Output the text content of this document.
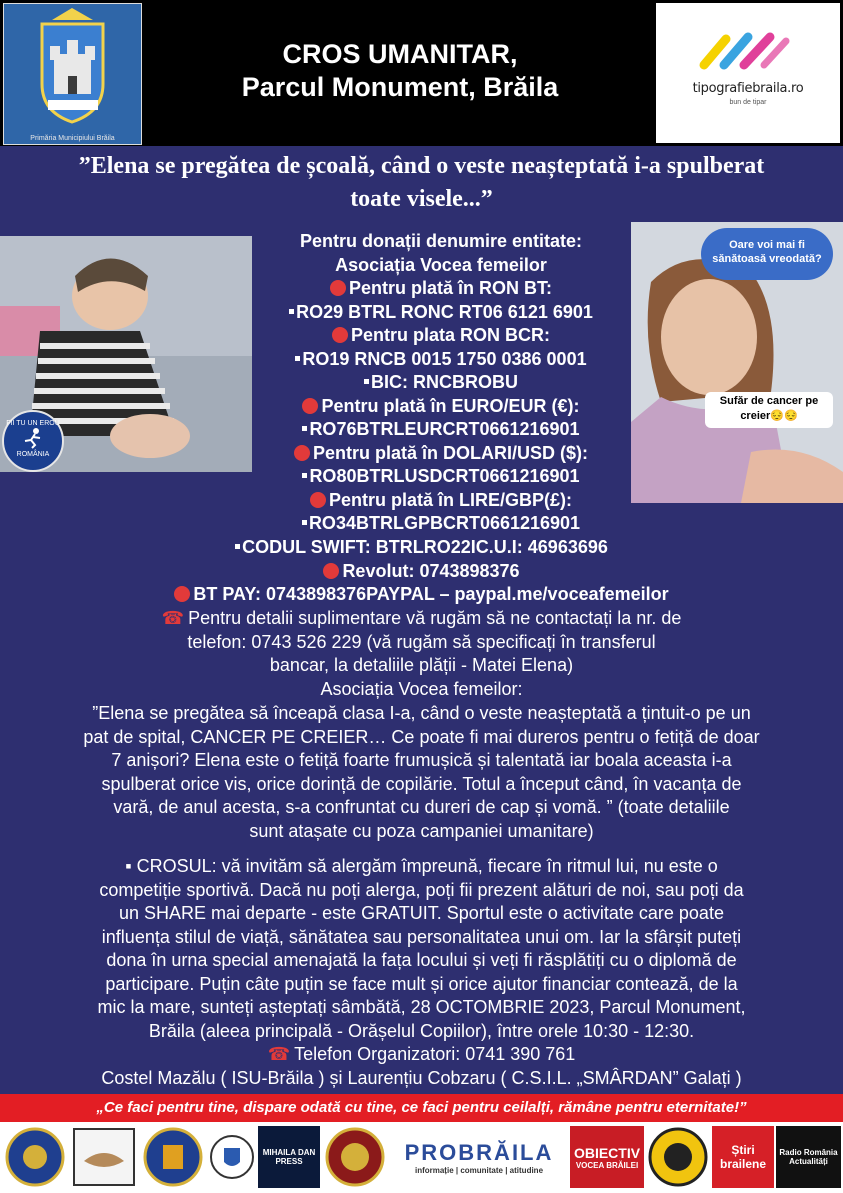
Primăria Municipiului Brăila
CROS UMANITAR,
Parcul Monument, Brăila	tipografiebraila.ro
bun de tipar
”Elena se pregătea de școală, când o veste neașteptată i-a spulberat
toate visele...”
FII TU UN EROU
ROMÂNIA
Oare voi mai fi sănătoasă vreodată?
Sufăr de cancer pe creier😔😔
Pentru donații denumire entitate:
Asociația Vocea femeilor
Pentru plată în RON BT:
RO29 BTRL RONC RT06 6121 6901
Pentru plata RON BCR:
RO19 RNCB 0015 1750 0386 0001
BIC: RNCBROBU
Pentru plată în EURO/EUR (€):
RO76BTRLEURCRT0661216901
Pentru plată în DOLARI/USD ($):
RO80BTRLUSDCRT0661216901
Pentru plată în LIRE/GBP(£):
RO34BTRLGPBCRT0661216901
CODUL SWIFT: BTRLRO22IC.U.I: 46963696
Revolut: 0743898376
BT PAY: 0743898376PAYPAL – paypal.me/voceafemeilor
☎ Pentru detalii suplimentare vă rugăm să ne contactați la nr. de
telefon: 0743 526 229 (vă rugăm să specificați în transferul
bancar, la detaliile plății - Matei Elena)
Asociația Vocea femeilor:
”Elena se pregătea să înceapă clasa I-a, când o veste neașteptată a țintuit-o pe un
pat de spital, CANCER PE CREIER… Ce poate fi mai dureros pentru o fetiță de doar
7 anișori? Elena este o fetiță foarte frumușică și talentată iar boala aceasta i-a
spulberat orice vis, orice dorință de copilărie. Totul a început când, în vacanța de
vară, de anul acesta, s-a confruntat cu dureri de cap și vomă. ” (toate detaliile
sunt atașate cu poza campaniei umanitare)
▪ CROSUL: vă invităm să alergăm împreună, fiecare în ritmul lui, nu este o
competiție sportivă. Dacă nu poți alerga, poți fii prezent alături de noi, sau poți da
un SHARE mai departe - este GRATUIT. Sportul este o activitate care poate
influența stilul de viață, sănătatea sau personalitatea unui om. Iar la sfârșit puteți
dona în urna special amenajată la fața locului și veți fi răsplătiți cu o diplomă de
participare. Puțin câte puțin se face mult și orice ajutor financiar contează, de la
mic la mare, sunteți așteptați sâmbătă, 28 OCTOMBRIE 2023, Parcul Monument,
Brăila (aleea principală - Orășelul Copiilor), între orele 10:30 - 12:30.
☎ Telefon Organizatori: 0741 390 761
Costel Mazălu ( ISU-Brăila ) și Laurențiu Cobzaru ( C.S.I.L. „SMÂRDAN” Galați )
„Ce faci pentru tine, dispare odată cu tine, ce faci pentru ceilalți, rămâne pentru eternitate!”
MIHAILA DAN PRESS	PROBRĂILA
informație | comunitate | atitudine
OBIECTIV
VOCEA BRĂILEI
Știri brailene
Radio România Actualități
